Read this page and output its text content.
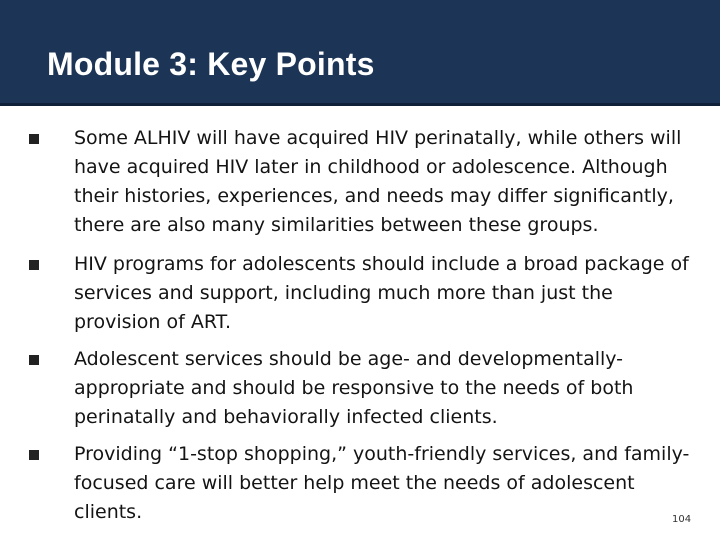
Module 3: Key Points
Some ALHIV will have acquired HIV perinatally, while others will have acquired HIV later in childhood or adolescence. Although their histories, experiences, and needs may differ significantly, there are also many similarities between these groups.
HIV programs for adolescents should include a broad package of services and support, including much more than just the provision of ART.
Adolescent services should be age- and developmentally-appropriate and should be responsive to the needs of both perinatally and behaviorally infected clients.
Providing “1-stop shopping,” youth-friendly services, and family-focused care will better help meet the needs of adolescent clients.	104
